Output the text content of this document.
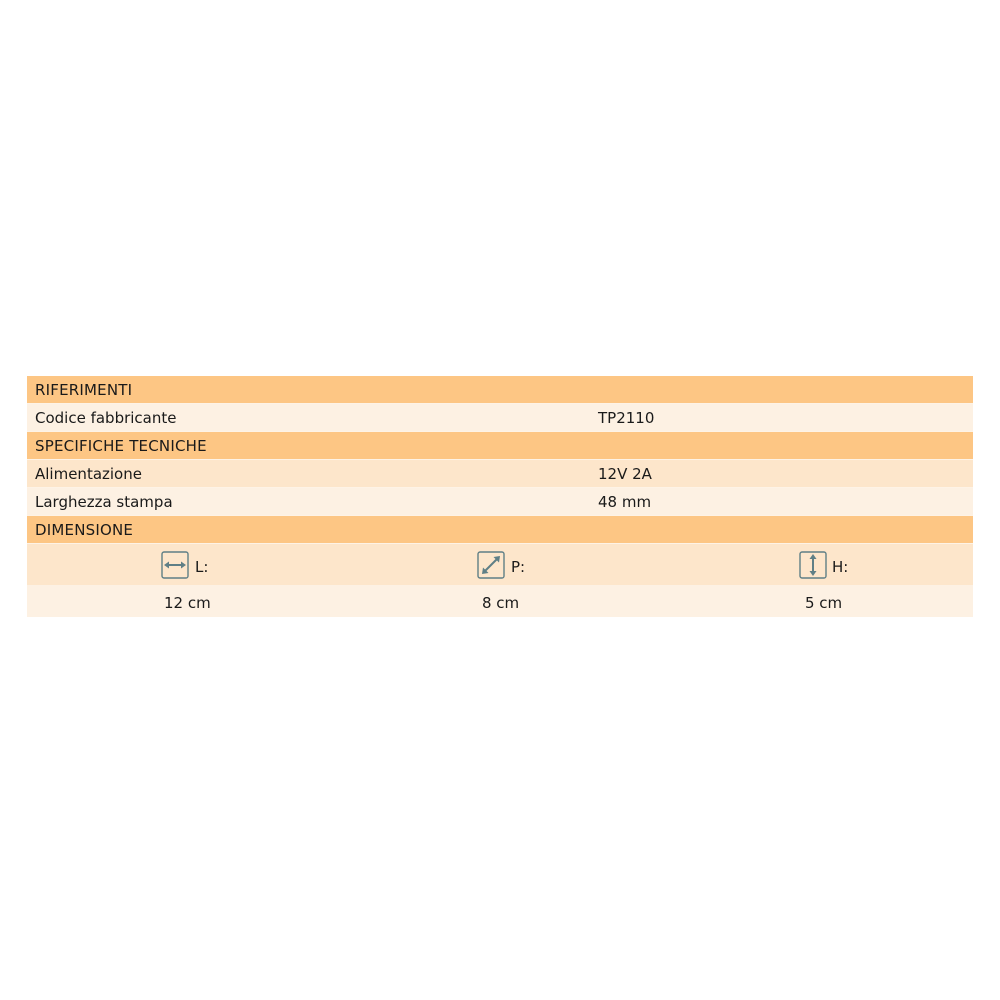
RIFERIMENTI
Codice fabbricante	TP2110
SPECIFICHE TECNICHE
Alimentazione	12V 2A
Larghezza stampa	48 mm
DIMENSIONE
L:	P:	H:
12 cm	8 cm	5 cm
